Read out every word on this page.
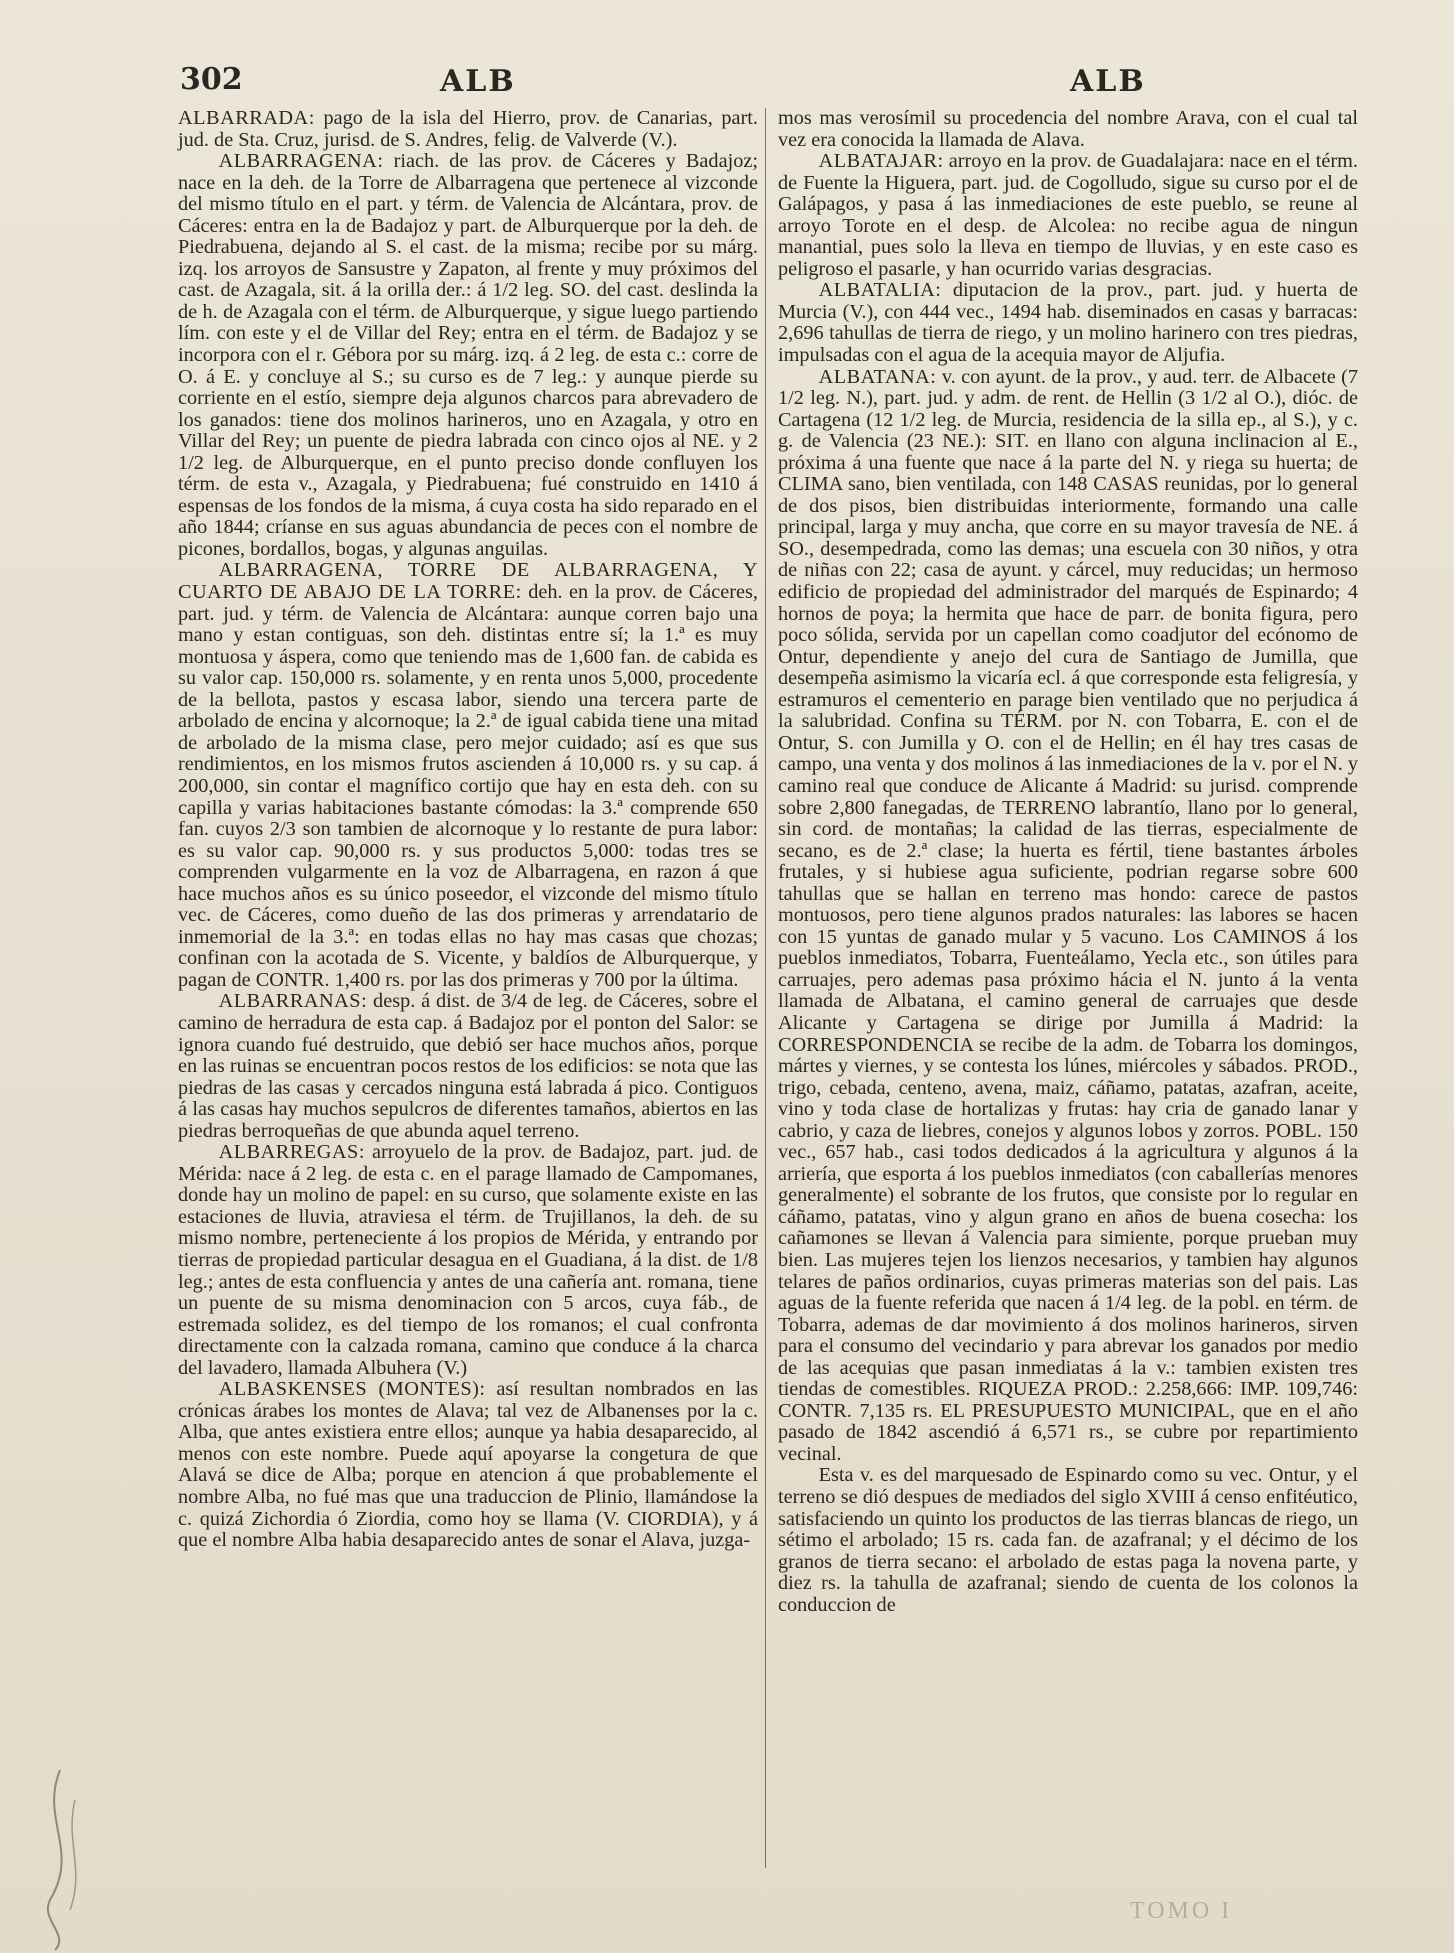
302	ALB	ALB

ALBARRADA: pago de la isla del Hierro, prov. de Canarias, part. jud. de Sta. Cruz, jurisd. de S. Andres, felig. de Valverde (V.).

ALBARRAGENA: riach. de las prov. de Cáceres y Badajoz; nace en la deh. de la Torre de Albarragena que pertenece al vizconde del mismo título en el part. y térm. de Valencia de Alcántara, prov. de Cáceres: entra en la de Badajoz y part. de Alburquerque por la deh. de Piedrabuena, dejando al S. el cast. de la misma; recibe por su márg. izq. los arroyos de Sansustre y Zapaton, al frente y muy próximos del cast. de Azagala, sit. á la orilla der.: á 1/2 leg. SO. del cast. deslinda la de h. de Azagala con el térm. de Alburquerque, y sigue luego partiendo lím. con este y el de Villar del Rey; entra en el térm. de Badajoz y se incorpora con el r. Gébora por su márg. izq. á 2 leg. de esta c.: corre de O. á E. y concluye al S.; su curso es de 7 leg.: y aunque pierde su corriente en el estío, siempre deja algunos charcos para abrevadero de los ganados: tiene dos molinos harineros, uno en Azagala, y otro en Villar del Rey; un puente de piedra labrada con cinco ojos al NE. y 2 1/2 leg. de Alburquerque, en el punto preciso donde confluyen los térm. de esta v., Azagala, y Piedrabuena; fué construido en 1410 á espensas de los fondos de la misma, á cuya costa ha sido reparado en el año 1844; críanse en sus aguas abundancia de peces con el nombre de picones, bordallos, bogas, y algunas anguilas.

ALBARRAGENA, TORRE DE ALBARRAGENA, Y CUARTO DE ABAJO DE LA TORRE: deh. en la prov. de Cáceres, part. jud. y térm. de Valencia de Alcántara: aunque corren bajo una mano y estan contiguas, son deh. distintas entre sí; la 1.ª es muy montuosa y áspera, como que teniendo mas de 1,600 fan. de cabida es su valor cap. 150,000 rs. solamente, y en renta unos 5,000, procedente de la bellota, pastos y escasa labor, siendo una tercera parte de arbolado de encina y alcornoque; la 2.ª de igual cabida tiene una mitad de arbolado de la misma clase, pero mejor cuidado; así es que sus rendimientos, en los mismos frutos ascienden á 10,000 rs. y su cap. á 200,000, sin contar el magnífico cortijo que hay en esta deh. con su capilla y varias habitaciones bastante cómodas: la 3.ª comprende 650 fan. cuyos 2/3 son tambien de alcornoque y lo restante de pura labor: es su valor cap. 90,000 rs. y sus productos 5,000: todas tres se comprenden vulgarmente en la voz de Albarragena, en razon á que hace muchos años es su único poseedor, el vizconde del mismo título vec. de Cáceres, como dueño de las dos primeras y arrendatario de inmemorial de la 3.ª: en todas ellas no hay mas casas que chozas; confinan con la acotada de S. Vicente, y baldíos de Alburquerque, y pagan de CONTR. 1,400 rs. por las dos primeras y 700 por la última.

ALBARRANAS: desp. á dist. de 3/4 de leg. de Cáceres, sobre el camino de herradura de esta cap. á Badajoz por el ponton del Salor: se ignora cuando fué destruido, que debió ser hace muchos años, porque en las ruinas se encuentran pocos restos de los edificios: se nota que las piedras de las casas y cercados ninguna está labrada á pico. Contiguos á las casas hay muchos sepulcros de diferentes tamaños, abiertos en las piedras berroqueñas de que abunda aquel terreno.

ALBARREGAS: arroyuelo de la prov. de Badajoz, part. jud. de Mérida: nace á 2 leg. de esta c. en el parage llamado de Campomanes, donde hay un molino de papel: en su curso, que solamente existe en las estaciones de lluvia, atraviesa el térm. de Trujillanos, la deh. de su mismo nombre, perteneciente á los propios de Mérida, y entrando por tierras de propiedad particular desagua en el Guadiana, á la dist. de 1/8 leg.; antes de esta confluencia y antes de una cañería ant. romana, tiene un puente de su misma denominacion con 5 arcos, cuya fáb., de estremada solidez, es del tiempo de los romanos; el cual confronta directamente con la calzada romana, camino que conduce á la charca del lavadero, llamada Albuhera (V.)

ALBASKENSES (MONTES): así resultan nombrados en las crónicas árabes los montes de Alava; tal vez de Albanenses por la c. Alba, que antes existiera entre ellos; aunque ya habia desaparecido, al menos con este nombre. Puede aquí apoyarse la congetura de que Alavá se dice de Alba; porque en atencion á que probablemente el nombre Alba, no fué mas que una traduccion de Plinio, llamándose la c. quizá Zichordia ó Ziordia, como hoy se llama (V. CIORDIA), y á que el nombre Alba habia desaparecido antes de sonar el Alava, juzga-

mos mas verosímil su procedencia del nombre Arava, con el cual tal vez era conocida la llamada de Alava.

ALBATAJAR: arroyo en la prov. de Guadalajara: nace en el térm. de Fuente la Higuera, part. jud. de Cogolludo, sigue su curso por el de Galápagos, y pasa á las inmediaciones de este pueblo, se reune al arroyo Torote en el desp. de Alcolea: no recibe agua de ningun manantial, pues solo la lleva en tiempo de lluvias, y en este caso es peligroso el pasarle, y han ocurrido varias desgracias.

ALBATALIA: diputacion de la prov., part. jud. y huerta de Murcia (V.), con 444 vec., 1494 hab. diseminados en casas y barracas: 2,696 tahullas de tierra de riego, y un molino harinero con tres piedras, impulsadas con el agua de la acequia mayor de Aljufia.

ALBATANA: v. con ayunt. de la prov., y aud. terr. de Albacete (7 1/2 leg. N.), part. jud. y adm. de rent. de Hellin (3 1/2 al O.), dióc. de Cartagena (12 1/2 leg. de Murcia, residencia de la silla ep., al S.), y c. g. de Valencia (23 NE.): SIT. en llano con alguna inclinacion al E., próxima á una fuente que nace á la parte del N. y riega su huerta; de CLIMA sano, bien ventilada, con 148 CASAS reunidas, por lo general de dos pisos, bien distribuidas interiormente, formando una calle principal, larga y muy ancha, que corre en su mayor travesía de NE. á SO., desempedrada, como las demas; una escuela con 30 niños, y otra de niñas con 22; casa de ayunt. y cárcel, muy reducidas; un hermoso edificio de propiedad del administrador del marqués de Espinardo; 4 hornos de poya; la hermita que hace de parr. de bonita figura, pero poco sólida, servida por un capellan como coadjutor del ecónomo de Ontur, dependiente y anejo del cura de Santiago de Jumilla, que desempeña asimismo la vicaría ecl. á que corresponde esta feligresía, y estramuros el cementerio en parage bien ventilado que no perjudica á la salubridad. Confina su TÉRM. por N. con Tobarra, E. con el de Ontur, S. con Jumilla y O. con el de Hellin; en él hay tres casas de campo, una venta y dos molinos á las inmediaciones de la v. por el N. y camino real que conduce de Alicante á Madrid: su jurisd. comprende sobre 2,800 fanegadas, de TERRENO labrantío, llano por lo general, sin cord. de montañas; la calidad de las tierras, especialmente de secano, es de 2.ª clase; la huerta es fértil, tiene bastantes árboles frutales, y si hubiese agua suficiente, podrian regarse sobre 600 tahullas que se hallan en terreno mas hondo: carece de pastos montuosos, pero tiene algunos prados naturales: las labores se hacen con 15 yuntas de ganado mular y 5 vacuno. Los CAMINOS á los pueblos inmediatos, Tobarra, Fuenteálamo, Yecla etc., son útiles para carruajes, pero ademas pasa próximo hácia el N. junto á la venta llamada de Albatana, el camino general de carruajes que desde Alicante y Cartagena se dirige por Jumilla á Madrid: la CORRESPONDENCIA se recibe de la adm. de Tobarra los domingos, mártes y viernes, y se contesta los lúnes, miércoles y sábados. PROD., trigo, cebada, centeno, avena, maiz, cáñamo, patatas, azafran, aceite, vino y toda clase de hortalizas y frutas: hay cria de ganado lanar y cabrio, y caza de liebres, conejos y algunos lobos y zorros. POBL. 150 vec., 657 hab., casi todos dedicados á la agricultura y algunos á la arriería, que esporta á los pueblos inmediatos (con caballerías menores generalmente) el sobrante de los frutos, que consiste por lo regular en cáñamo, patatas, vino y algun grano en años de buena cosecha: los cañamones se llevan á Valencia para simiente, porque prueban muy bien. Las mujeres tejen los lienzos necesarios, y tambien hay algunos telares de paños ordinarios, cuyas primeras materias son del pais. Las aguas de la fuente referida que nacen á 1/4 leg. de la pobl. en térm. de Tobarra, ademas de dar movimiento á dos molinos harineros, sirven para el consumo del vecindario y para abrevar los ganados por medio de las acequias que pasan inmediatas á la v.: tambien existen tres tiendas de comestibles. RIQUEZA PROD.: 2.258,666: IMP. 109,746: CONTR. 7,135 rs. EL PRESUPUESTO MUNICIPAL, que en el año pasado de 1842 ascendió á 6,571 rs., se cubre por repartimiento vecinal.

Esta v. es del marquesado de Espinardo como su vec. Ontur, y el terreno se dió despues de mediados del siglo XVIII á censo enfitéutico, satisfaciendo un quinto los productos de las tierras blancas de riego, un sétimo el arbolado; 15 rs. cada fan. de azafranal; y el décimo de los granos de tierra secano: el arbolado de estas paga la novena parte, y diez rs. la tahulla de azafranal; siendo de cuenta de los colonos la conduccion de

TOMO I
